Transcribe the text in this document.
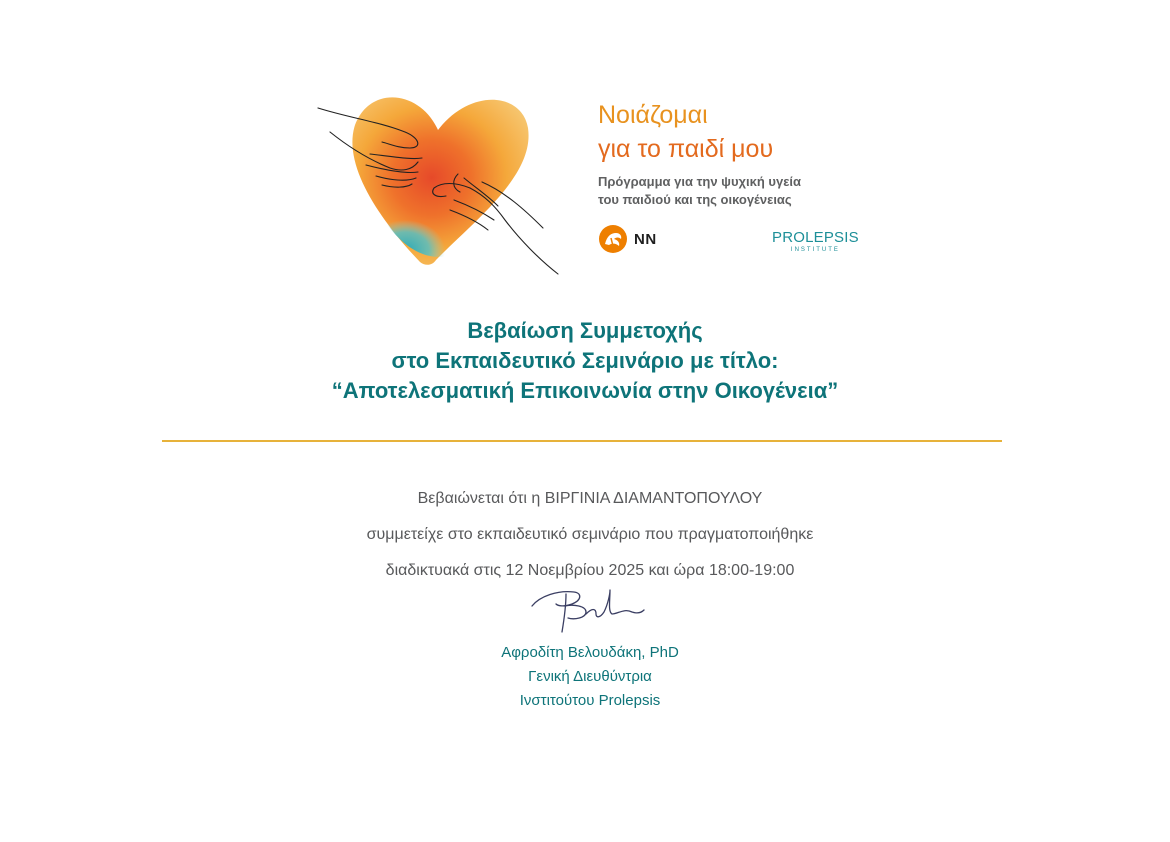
Νοιάζομαι
για το παιδί μου
Πρόγραμμα για την ψυχική υγεία
του παιδιού και της οικογένειας
NN	PROLEPSIS
INSTITUTE
Βεβαίωση Συμμετοχής
στο Εκπαιδευτικό Σεμινάριο με τίτλο:
“Αποτελεσματική Επικοινωνία στην Οικογένεια”
Βεβαιώνεται ότι η ΒΙΡΓΙΝΙΑ ΔΙΑΜΑΝΤΟΠΟΥΛΟΥ
συμμετείχε στο εκπαιδευτικό σεμινάριο που πραγματοποιήθηκε
διαδικτυακά στις 12 Νοεμβρίου 2025 και ώρα 18:00-19:00
Αφροδίτη Βελουδάκη, PhD
Γενική Διευθύντρια
Ινστιτούτου Prolepsis
